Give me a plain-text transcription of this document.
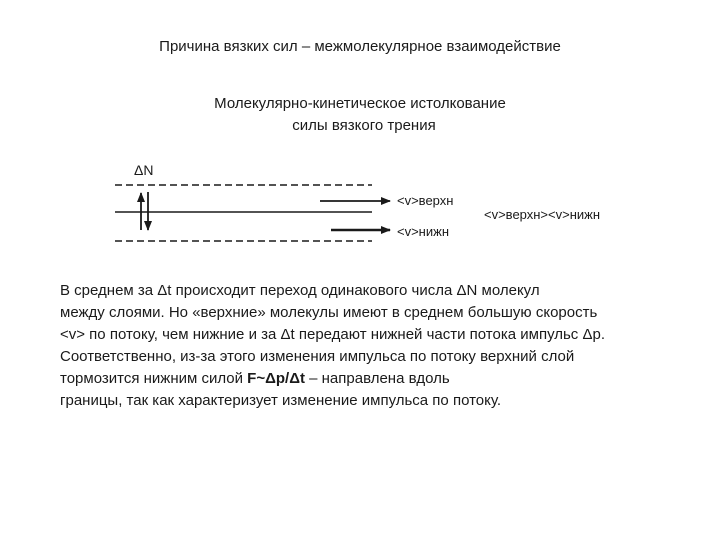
Причина вязких сил – межмолекулярное взаимодействие
Молекулярно-кинетическое истолкование
силы вязкого трения
ΔN
<v>верхн
<v>нижн
<v>верхн><v>нижн
В среднем за Δt происходит переход одинакового числа ΔN молекул
между слоями. Но «верхние» молекулы имеют в среднем большую скорость
<v> по потоку, чем нижние и за Δt передают нижней части потока импульс Δp.
Соответственно, из-за этого изменения импульса по потоку верхний слой
тормозится нижним силой F~Δp/Δt – направлена вдоль
границы, так как характеризует изменение импульса по потоку.
